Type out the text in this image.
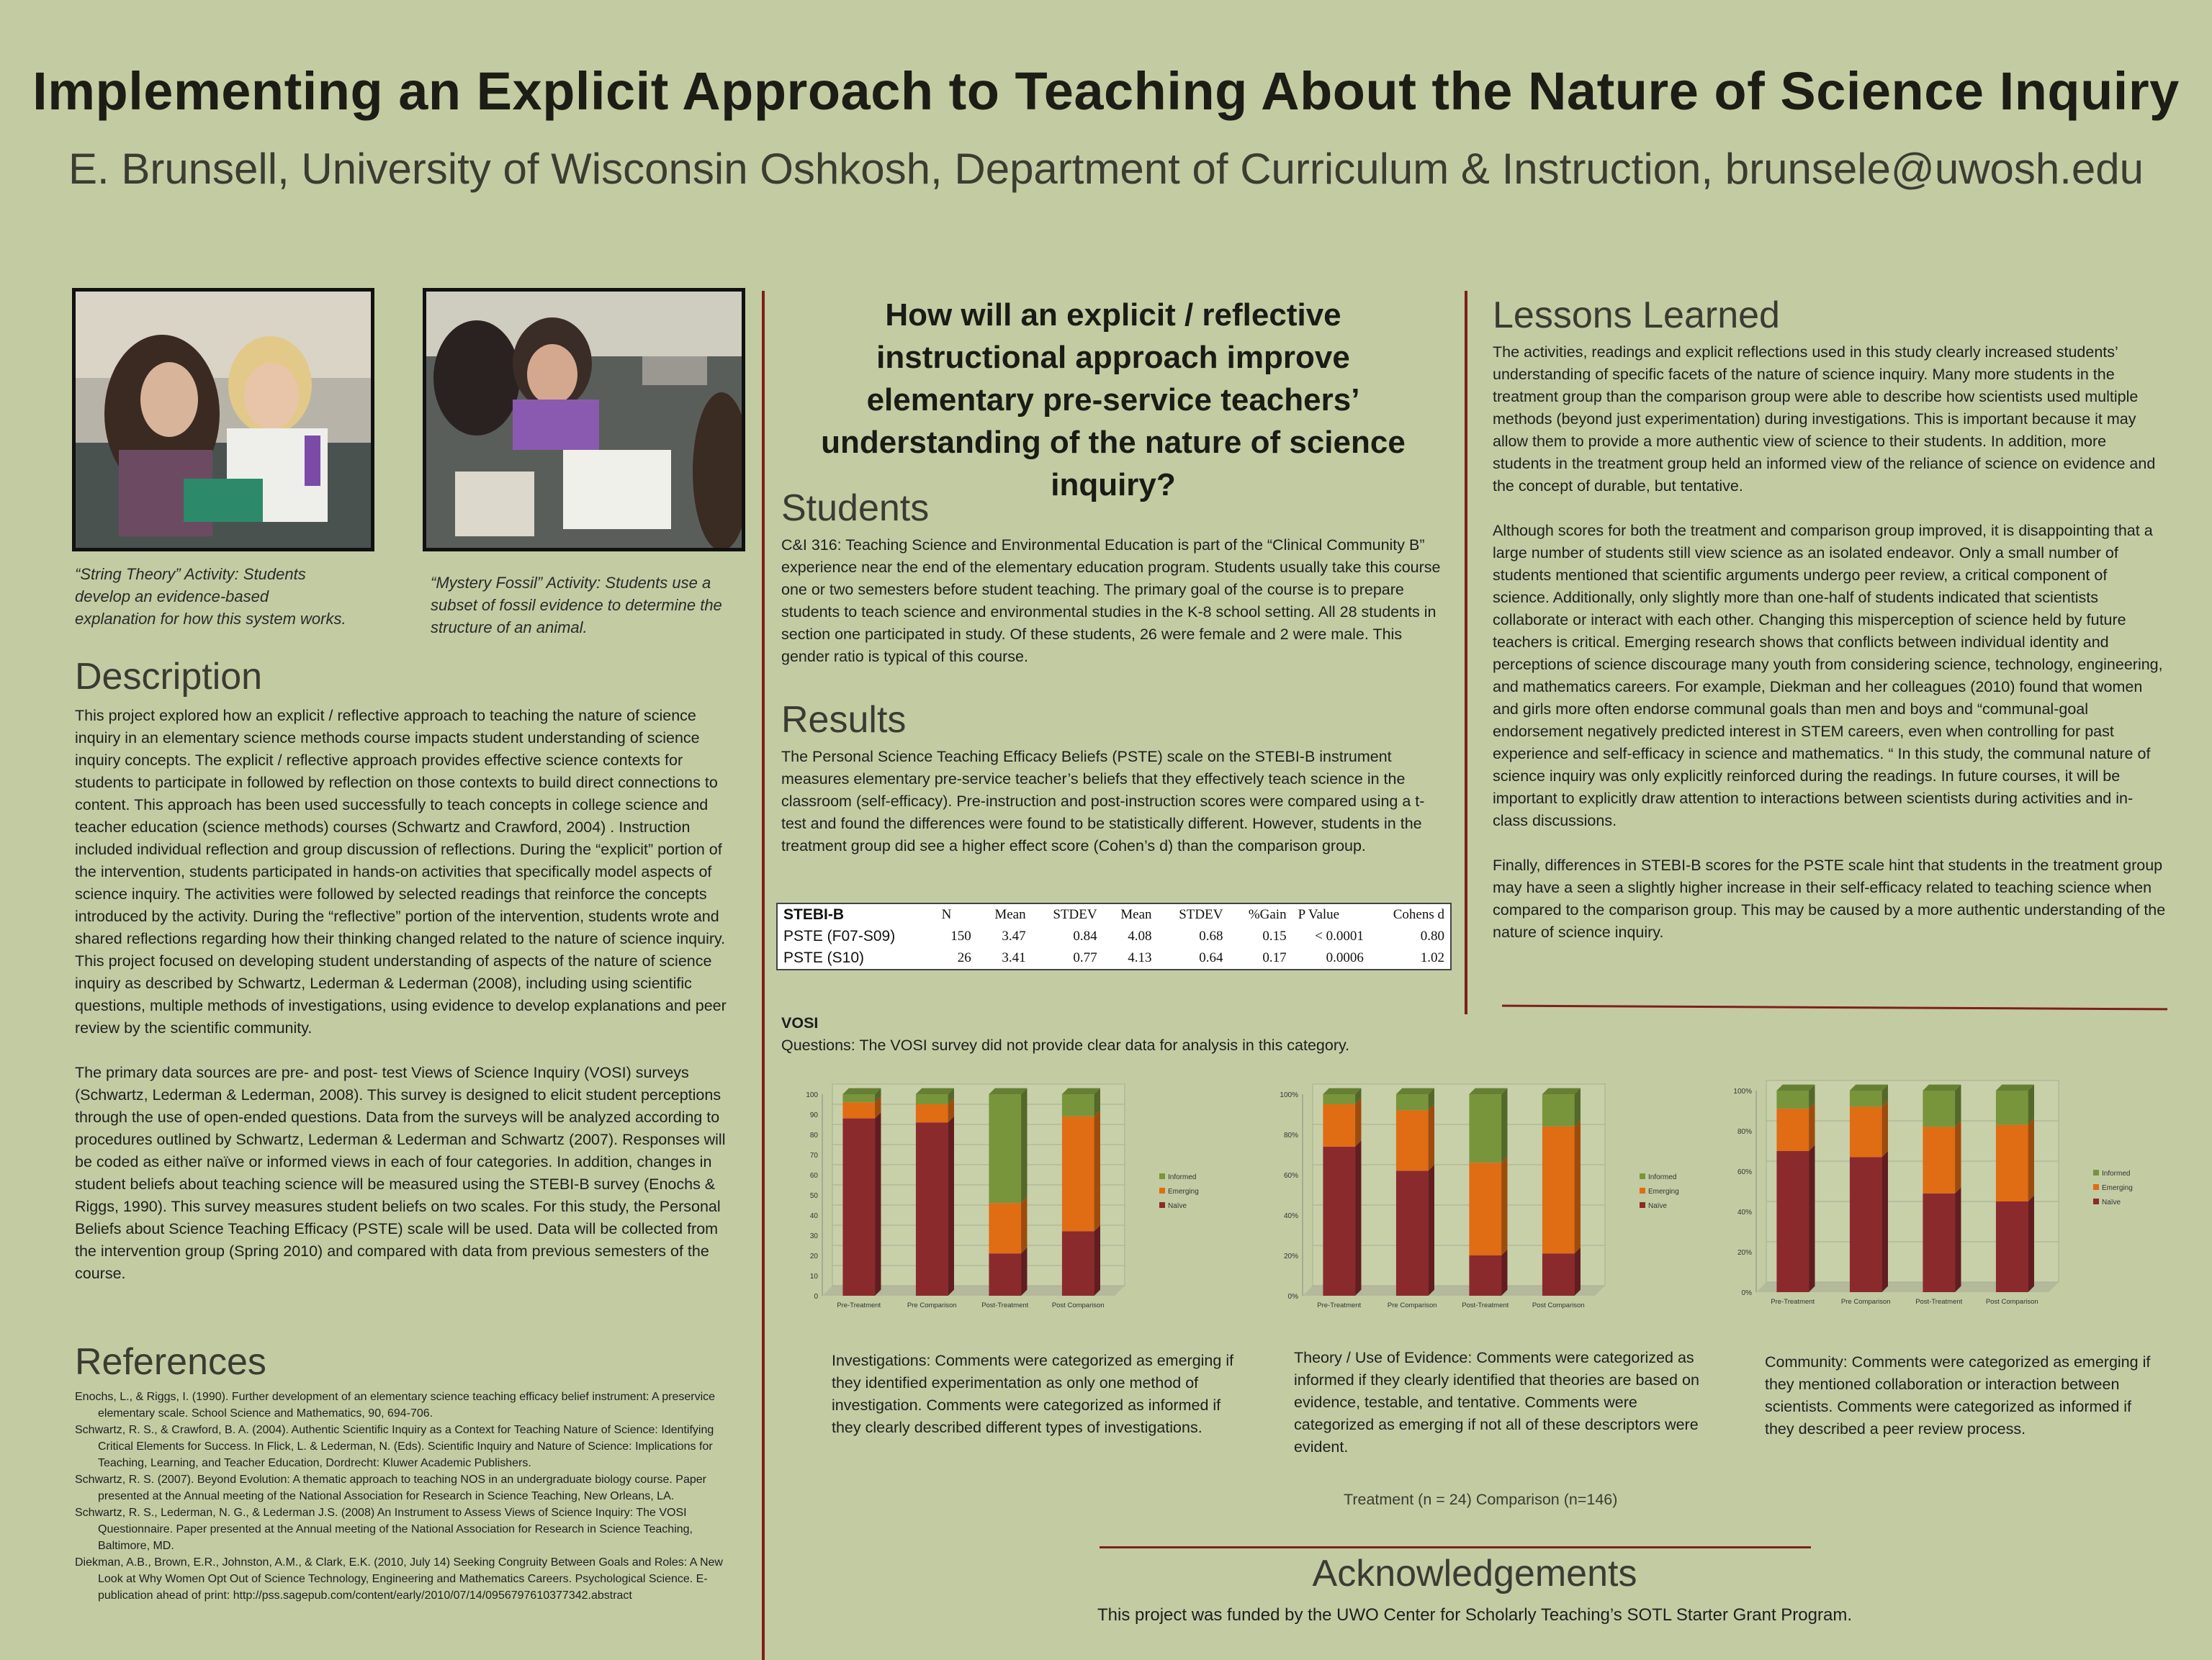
Implementing an Explicit Approach to Teaching About the Nature of Science Inquiry
E. Brunsell, University of Wisconsin Oshkosh, Department of Curriculum & Instruction, brunsele@uwosh.edu
“String Theory” Activity: Students develop an evidence-based explanation for how this system works.
“Mystery Fossil” Activity: Students use a subset of fossil evidence to determine the structure of an animal.
Description

This project explored how an explicit / reflective approach to teaching the nature of science inquiry in an elementary science methods course impacts student understanding of science inquiry concepts. The explicit / reflective approach provides effective science contexts for students to participate in followed by reflection on those contexts to build direct connections to content. This approach has been used successfully to teach concepts in college science and teacher education (science methods) courses (Schwartz and Crawford, 2004) . Instruction included individual reflection and group discussion of reflections. During the “explicit” portion of the intervention, students participated in hands-on activities that specifically model aspects of science inquiry. The activities were followed by selected readings that reinforce the concepts introduced by the activity. During the “reflective” portion of the intervention, students wrote and shared reflections regarding how their thinking changed related to the nature of science inquiry. This project focused on developing student understanding of aspects of the nature of science inquiry as described by Schwartz, Lederman & Lederman (2008), including using scientific questions, multiple methods of investigations, using evidence to develop explanations and peer review by the scientific community.

The primary data sources are pre- and post- test Views of Science Inquiry (VOSI) surveys (Schwartz, Lederman & Lederman, 2008). This survey is designed to elicit student perceptions through the use of open-ended questions. Data from the surveys will be analyzed according to procedures outlined by Schwartz, Lederman & Lederman and Schwartz (2007). Responses will be coded as either naïve or informed views in each of four categories. In addition, changes in student beliefs about teaching science will be measured using the STEBI-B survey (Enochs & Riggs, 1990). This survey measures student beliefs on two scales. For this study, the Personal Beliefs about Science Teaching Efficacy (PSTE) scale will be used. Data will be collected from the intervention group (Spring 2010) and compared with data from previous semesters of the course.

References
Enochs, L., & Riggs, I. (1990). Further development of an elementary science teaching efficacy belief instrument: A preservice elementary scale. School Science and Mathematics, 90, 694-706.
Schwartz, R. S., & Crawford, B. A. (2004). Authentic Scientific Inquiry as a Context for Teaching Nature of Science: Identifying Critical Elements for Success. In Flick, L. & Lederman, N. (Eds). Scientific Inquiry and Nature of Science: Implications for Teaching, Learning, and Teacher Education, Dordrecht: Kluwer Academic Publishers.
Schwartz, R. S. (2007). Beyond Evolution: A thematic approach to teaching NOS in an undergraduate biology course. Paper presented at the Annual meeting of the National Association for Research in Science Teaching, New Orleans, LA.
Schwartz, R. S., Lederman, N. G., & Lederman J.S. (2008) An Instrument to Assess Views of Science Inquiry: The VOSI Questionnaire. Paper presented at the Annual meeting of the National Association for Research in Science Teaching, Baltimore, MD.
Diekman, A.B., Brown, E.R., Johnston, A.M., & Clark, E.K. (2010, July 14) Seeking Congruity Between Goals and Roles: A New Look at Why Women Opt Out of Science Technology, Engineering and Mathematics Careers. Psychological Science. E-publication ahead of print: http://pss.sagepub.com/content/early/2010/07/14/0956797610377342.abstract
How will an explicit / reflective instructional approach improve elementary pre-service teachers’ understanding of the nature of science inquiry?
Students
C&I 316: Teaching Science and Environmental Education is part of the “Clinical Community B” experience near the end of the elementary education program. Students usually take this course one or two semesters before student teaching. The primary goal of the course is to prepare students to teach science and environmental studies in the K-8 school setting. All 28 students in section one participated in study. Of these students, 26 were female and 2 were male. This gender ratio is typical of this course.
Results
The Personal Science Teaching Efficacy Beliefs (PSTE) scale on the STEBI-B instrument measures elementary pre-service teacher’s beliefs that they effectively teach science in the classroom (self-efficacy). Pre-instruction and post-instruction scores were compared using a t-test and found the differences were found to be statistically different. However, students in the treatment group did see a higher effect score (Cohen’s d) than the comparison group.
STEBI-B	N	Mean	STDEV	Mean	STDEV	%Gain	P Value	Cohens d
PSTE (F07-S09)	150	3.47	0.84	4.08	0.68	0.15	< 0.0001	0.80
PSTE (S10)	26	3.41	0.77	4.13	0.64	0.17	0.0006	1.02
VOSI
Questions: The VOSI survey did not provide clear data for analysis in this category.
0
10
20
30
40
50
60
70
80
90
100
Pre-Treatment	Pre Comparison	Post-Treatment	Post Comparison
Informed
Emerging
Naïve
0%
20%
40%
60%
80%
100%
Pre-Treatment	Pre Comparison	Post-Treatment	Post Comparison
Informed
Emerging
Naïve
0%
20%
40%
60%
80%
100%
Pre-Treatment	Pre Comparison	Post-Treatment	Post Comparison
Informed
Emerging
Naïve
Investigations: Comments were categorized as emerging if they identified experimentation as only one method of investigation. Comments were categorized as informed if they clearly described different types of investigations.
Theory / Use of Evidence: Comments were categorized as informed if they clearly identified that theories are based on evidence, testable, and tentative. Comments were categorized as emerging if not all of these descriptors were evident.
Community: Comments were categorized as emerging if they mentioned collaboration or interaction between scientists. Comments were categorized as informed if they described a peer review process.
Treatment (n = 24) Comparison (n=146)
Lessons Learned

The activities, readings and explicit reflections used in this study clearly increased students’ understanding of specific facets of the nature of science inquiry. Many more students in the treatment group than the comparison group were able to describe how scientists used multiple methods (beyond just experimentation) during investigations. This is important because it may allow them to provide a more authentic view of science to their students. In addition, more students in the treatment group held an informed view of the reliance of science on evidence and the concept of durable, but tentative.

Although scores for both the treatment and comparison group improved, it is disappointing that a large number of students still view science as an isolated endeavor. Only a small number of students mentioned that scientific arguments undergo peer review, a critical component of science. Additionally, only slightly more than one-half of students indicated that scientists collaborate or interact with each other. Changing this misperception of science held by future teachers is critical. Emerging research shows that conflicts between individual identity and perceptions of science discourage many youth from considering science, technology, engineering, and mathematics careers. For example, Diekman and her colleagues (2010) found that women and girls more often endorse communal goals than men and boys and “communal-goal endorsement negatively predicted interest in STEM careers, even when controlling for past experience and self-efficacy in science and mathematics. “ In this study, the communal nature of science inquiry was only explicitly reinforced during the readings. In future courses, it will be important to explicitly draw attention to interactions between scientists during activities and in-class discussions.

Finally, differences in STEBI-B scores for the PSTE scale hint that students in the treatment group may have a seen a slightly higher increase in their self-efficacy related to teaching science when compared to the comparison group. This may be caused by a more authentic understanding of the nature of science inquiry.

Acknowledgements
This project was funded by the UWO Center for Scholarly Teaching’s SOTL Starter Grant Program.
